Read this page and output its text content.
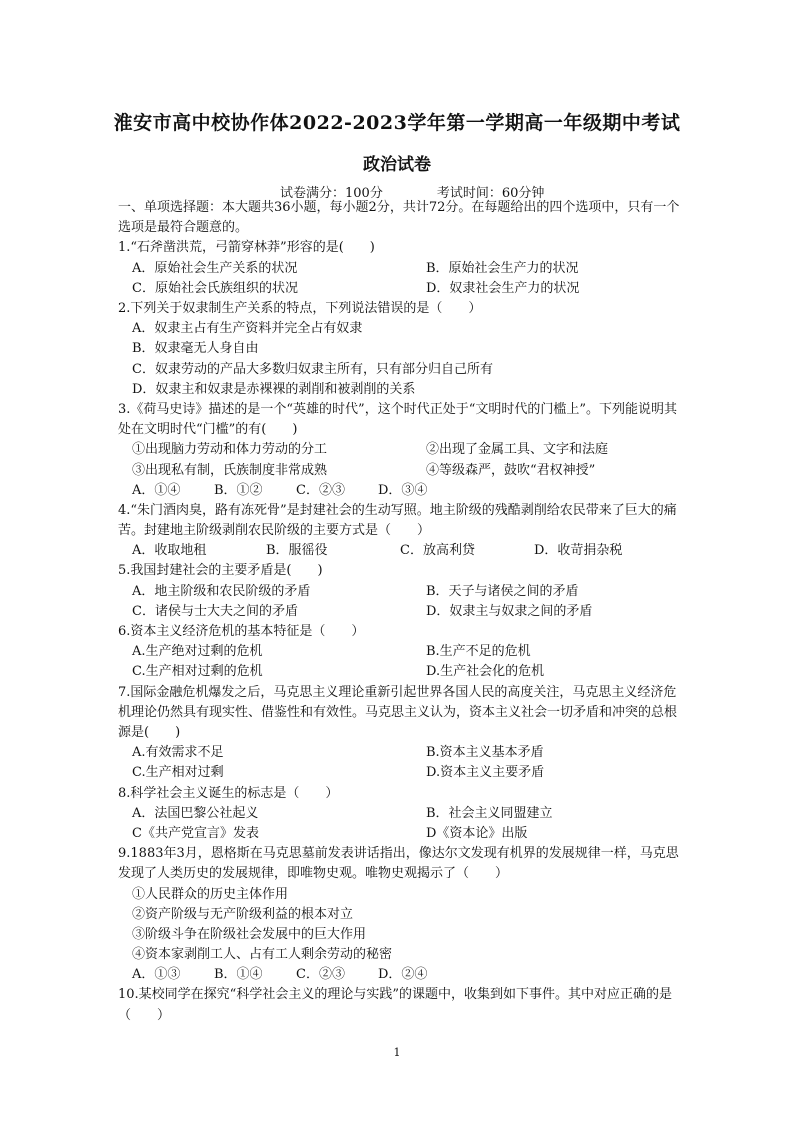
淮安市高中校协作体2022-2023学年第一学期高一年级期中考试
政治试卷
试卷满分：100分	考试时间：60分钟
一、单项选择题：本大题共36小题，每小题2分，共计72分。在每题给出的四个选项中，只有一个选项是最符合题意的。
1.“石斧凿洪荒，弓箭穿林莽”形容的是(　　)
A．原始社会生产关系的状况	B．原始社会生产力的状况
C．原始社会氏族组织的状况	D．奴隶社会生产力的状况
2.下列关于奴隶制生产关系的特点，下列说法错误的是（　　）
A．奴隶主占有生产资料并完全占有奴隶
B．奴隶毫无人身自由
C．奴隶劳动的产品大多数归奴隶主所有，只有部分归自己所有
D．奴隶主和奴隶是赤裸裸的剥削和被剥削的关系
3.《荷马史诗》描述的是一个“英雄的时代”，这个时代正处于“文明时代的门槛上”。下列能说明其处在文明时代“门槛”的有(　　)
①出现脑力劳动和体力劳动的分工	②出现了金属工具、文字和法庭
③出现私有制，氏族制度非常成熟	④等级森严，鼓吹“君权神授”
A．①④	B．①②	C．②③	D．③④
4.“朱门酒肉臭，路有冻死骨”是封建社会的生动写照。地主阶级的残酷剥削给农民带来了巨大的痛苦。封建地主阶级剥削农民阶级的主要方式是（　　）
A．收取地租	B．服徭役	C．放高利贷	D．收苛捐杂税
5.我国封建社会的主要矛盾是(　　)
A．地主阶级和农民阶级的矛盾	B．天子与诸侯之间的矛盾
C．诸侯与士大夫之间的矛盾	D．奴隶主与奴隶之间的矛盾
6.资本主义经济危机的基本特征是（　　）
A.生产绝对过剩的危机	B.生产不足的危机
C.生产相对过剩的危机	D.生产社会化的危机
7.国际金融危机爆发之后，马克思主义理论重新引起世界各国人民的高度关注，马克思主义经济危机理论仍然具有现实性、借鉴性和有效性。马克思主义认为，资本主义社会一切矛盾和冲突的总根源是(　　)
A.有效需求不足	B.资本主义基本矛盾
C.生产相对过剩	D.资本主义主要矛盾
8.科学社会主义诞生的标志是（　　）
A．法国巴黎公社起义	B．社会主义同盟建立
C《共产党宣言》发表	D《资本论》出版
9.1883年3月，恩格斯在马克思墓前发表讲话指出，像达尔文发现有机界的发展规律一样，马克思发现了人类历史的发展规律，即唯物史观。唯物史观揭示了（　　）
①人民群众的历史主体作用
②资产阶级与无产阶级利益的根本对立
③阶级斗争在阶级社会发展中的巨大作用
④资本家剥削工人、占有工人剩余劳动的秘密
A．①③	B．①④	C．②③	D．②④
10.某校同学在探究“科学社会主义的理论与实践”的课题中，收集到如下事件。其中对应正确的是（　　）
1
